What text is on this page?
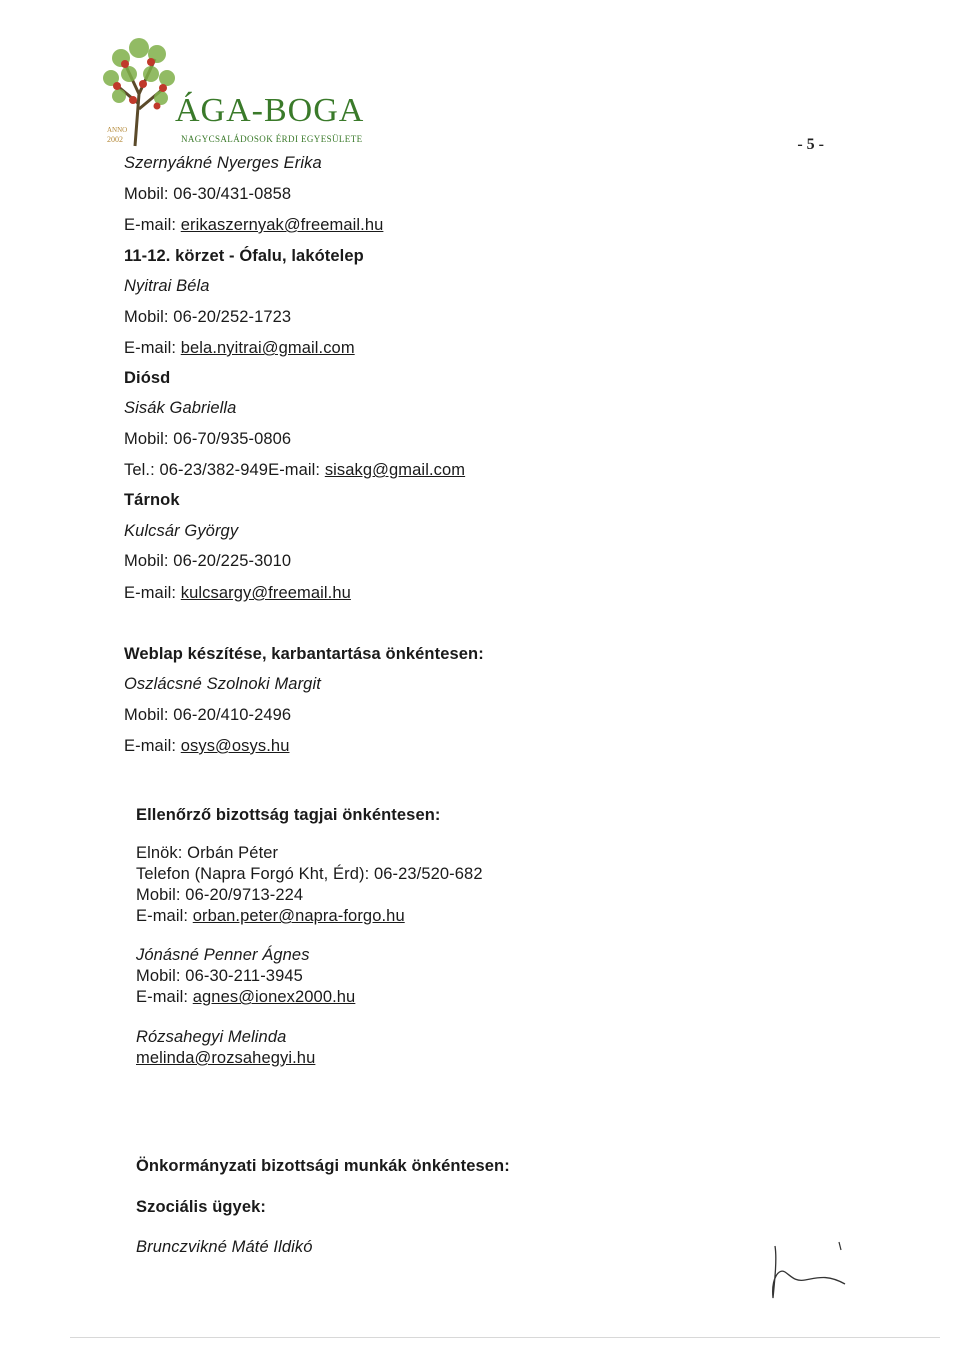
ÁGA-BOGA
NAGYCSALÁDOSOK ÉRDI EGYESÜLETE
ANNO
2002	- 5 -
Szernyákné Nyerges Erika
Mobil: 06-30/431-0858
E-mail: erikaszernyak@freemail.hu
11-12. körzet - Ófalu, lakótelep
Nyitrai Béla
Mobil: 06-20/252-1723
E-mail: bela.nyitrai@gmail.com
Diósd
Sisák Gabriella
Mobil: 06-70/935-0806
Tel.: 06-23/382-949E-mail: sisakg@gmail.com
Tárnok
Kulcsár György
Mobil: 06-20/225-3010
E-mail: kulcsargy@freemail.hu
Weblap készítése, karbantartása önkéntesen:
Oszlácsné Szolnoki Margit
Mobil: 06-20/410-2496
E-mail: osys@osys.hu
Ellenőrző bizottság tagjai önkéntesen:
Elnök: Orbán Péter
Telefon (Napra Forgó Kht, Érd): 06-23/520-682
Mobil: 06-20/9713-224
E-mail: orban.peter@napra-forgo.hu
Jónásné Penner Ágnes
Mobil: 06-30-211-3945
E-mail: agnes@ionex2000.hu
Rózsahegyi Melinda
melinda@rozsahegyi.hu
Önkormányzati bizottsági munkák önkéntesen:
Szociális ügyek:
Brunczvikné Máté Ildikó
